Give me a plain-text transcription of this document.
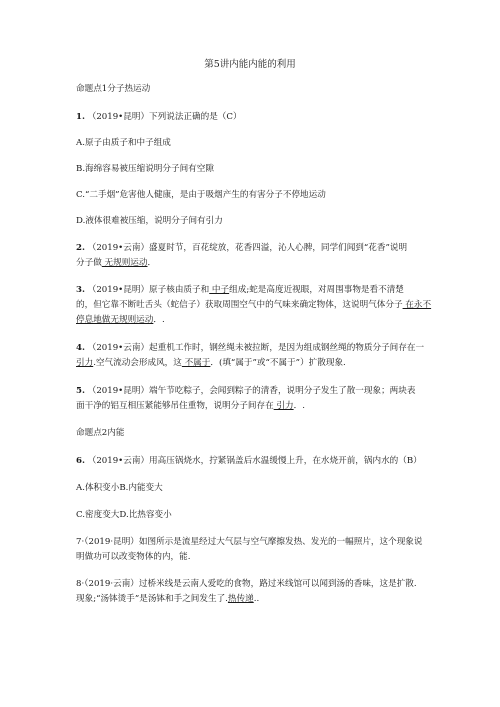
第5讲内能内能的利用
命题点1分子热运动
1. （2019•昆明）下列说法正确的是（C）
A.原子由质子和中子组成
B.海绵容易被压缩说明分子间有空隙
C.“二手烟”危害他人健康，是由于吸烟产生的有害分子不停地运动
D.液体很难被压缩，说明分子间有引力
2. （2019•云南）盛夏时节，百花绽放，花香四溢，沁人心脾，同学们闻到“花香”说明
分子做 无规则运动．
3. （2019•昆明）原子核由质子和 中子组成;蛇是高度近视眼，对周围事物是看不清楚
的，但它靠不断吐舌头（蛇信子）获取周围空气中的气味来确定物体，这说明气体分子 在永不
停息地做无规则运动．.
4. （2019•云南）起重机工作时，钢丝绳未被拉断，是因为组成钢丝绳的物质分子间存在一
引力.空气流动会形成风，这 不属于．(填“属于”或“不属于”）扩散现象.
5. （2019•昆明）端午节吃粽子，会闻到粽子的清香，说明分子发生了散一现象；两块表
面干净的铝互相压紧能够吊住重物，说明分子间存在 引力．.
命题点2内能
6. （2019•云南）用高压锅烧水，拧紧锅盖后水温缓慢上升，在水烧开前，锅内水的（B）
A.体积变小B.内能变大
C.密度变大D.比热容变小
7·（2019·昆明）如图所示是流星经过大气层与空气摩擦发热、发光的一幅照片，这个现象说
明做功可以改变物体的内，能.
8·（2019·云南）过桥米线是云南人爱吃的食物，路过米线馆可以闻到汤的香味，这是扩散.
现象;“汤钵烫手”是汤钵和手之间发生了.热传递..
